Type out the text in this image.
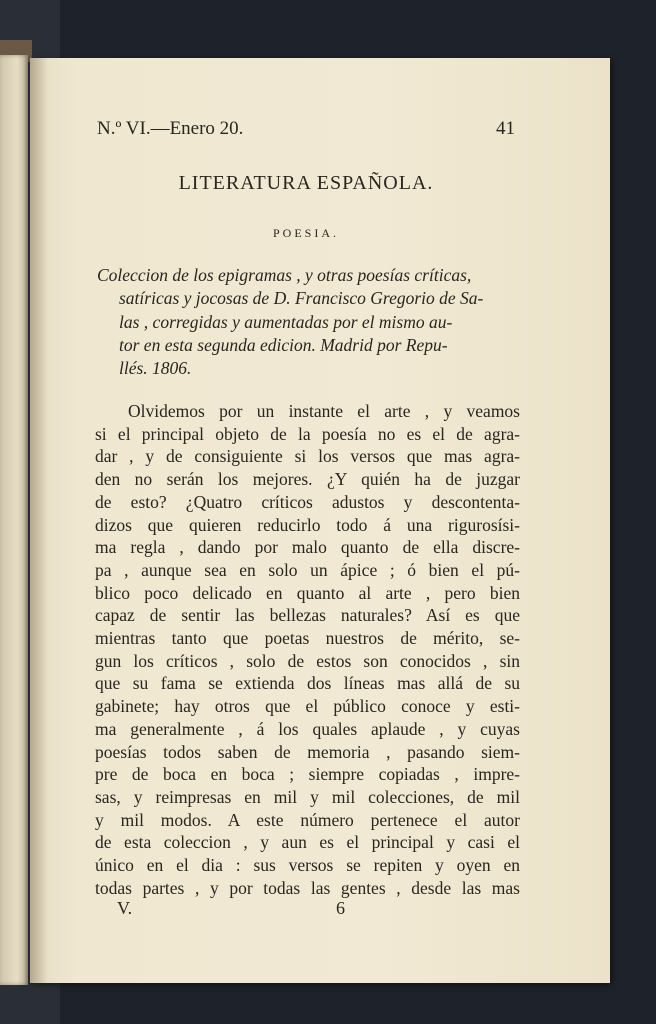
N.º VI.—Enero 20.	41
LITERATURA ESPAÑOLA.
POESIA.
Coleccion de los epigramas , y otras poesías críticas,
satíricas y jocosas de D. Francisco Gregorio de Sa-
las , corregidas y aumentadas por el mismo au-
tor en esta segunda edicion. Madrid por Repu-
llés. 1806.
Olvidemos por un instante el arte , y veamos
si el principal objeto de la poesía no es el de agra-
dar , y de consiguiente si los versos que mas agra-
den no serán los mejores. ¿Y quién ha de juzgar
de esto? ¿Quatro críticos adustos y descontenta-
dizos que quieren reducirlo todo á una rigurosísi-
ma regla , dando por malo quanto de ella discre-
pa , aunque sea en solo un ápice ; ó bien el pú-
blico poco delicado en quanto al arte , pero bien
capaz de sentir las bellezas naturales? Así es que
mientras tanto que poetas nuestros de mérito, se-
gun los críticos , solo de estos son conocidos , sin
que su fama se extienda dos líneas mas allá de su
gabinete; hay otros que el público conoce y esti-
ma generalmente , á los quales aplaude , y cuyas
poesías todos saben de memoria , pasando siem-
pre de boca en boca ; siempre copiadas , impre-
sas, y reimpresas en mil y mil colecciones, de mil
y mil modos. A este número pertenece el autor
de esta coleccion , y aun es el principal y casi el
único en el dia : sus versos se repiten y oyen en
todas partes , y por todas las gentes , desde las mas
V.	6
